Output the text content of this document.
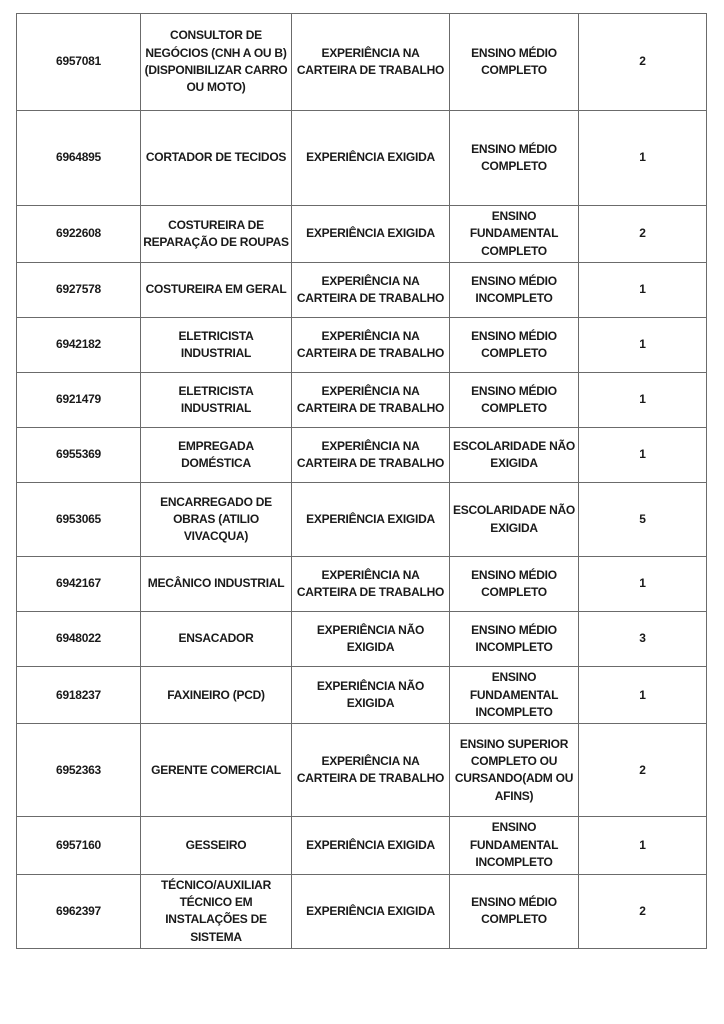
6957081	CONSULTOR DE NEGÓCIOS (CNH A OU B) (DISPONIBILIZAR CARRO OU MOTO)	EXPERIÊNCIA NA CARTEIRA DE TRABALHO	ENSINO MÉDIO COMPLETO	2
6964895	CORTADOR DE TECIDOS	EXPERIÊNCIA EXIGIDA	ENSINO MÉDIO COMPLETO	1
6922608	COSTUREIRA DE REPARAÇÃO DE ROUPAS	EXPERIÊNCIA EXIGIDA	ENSINO FUNDAMENTAL COMPLETO	2
6927578	COSTUREIRA EM GERAL	EXPERIÊNCIA NA CARTEIRA DE TRABALHO	ENSINO MÉDIO INCOMPLETO	1
6942182	ELETRICISTA INDUSTRIAL	EXPERIÊNCIA NA CARTEIRA DE TRABALHO	ENSINO MÉDIO COMPLETO	1
6921479	ELETRICISTA INDUSTRIAL	EXPERIÊNCIA NA CARTEIRA DE TRABALHO	ENSINO MÉDIO COMPLETO	1
6955369	EMPREGADA DOMÉSTICA	EXPERIÊNCIA NA CARTEIRA DE TRABALHO	ESCOLARIDADE NÃO EXIGIDA	1
6953065	ENCARREGADO DE OBRAS (ATILIO VIVACQUA)	EXPERIÊNCIA EXIGIDA	ESCOLARIDADE NÃO EXIGIDA	5
6942167	MECÂNICO INDUSTRIAL	EXPERIÊNCIA NA CARTEIRA DE TRABALHO	ENSINO MÉDIO COMPLETO	1
6948022	ENSACADOR	EXPERIÊNCIA NÃO EXIGIDA	ENSINO MÉDIO INCOMPLETO	3
6918237	FAXINEIRO (PCD)	EXPERIÊNCIA NÃO EXIGIDA	ENSINO FUNDAMENTAL INCOMPLETO	1
6952363	GERENTE COMERCIAL	EXPERIÊNCIA NA CARTEIRA DE TRABALHO	ENSINO SUPERIOR COMPLETO OU CURSANDO(ADM OU AFINS)	2
6957160	GESSEIRO	EXPERIÊNCIA EXIGIDA	ENSINO FUNDAMENTAL INCOMPLETO	1
6962397	TÉCNICO/AUXILIAR TÉCNICO EM INSTALAÇÕES DE SISTEMA	EXPERIÊNCIA EXIGIDA	ENSINO MÉDIO COMPLETO	2
